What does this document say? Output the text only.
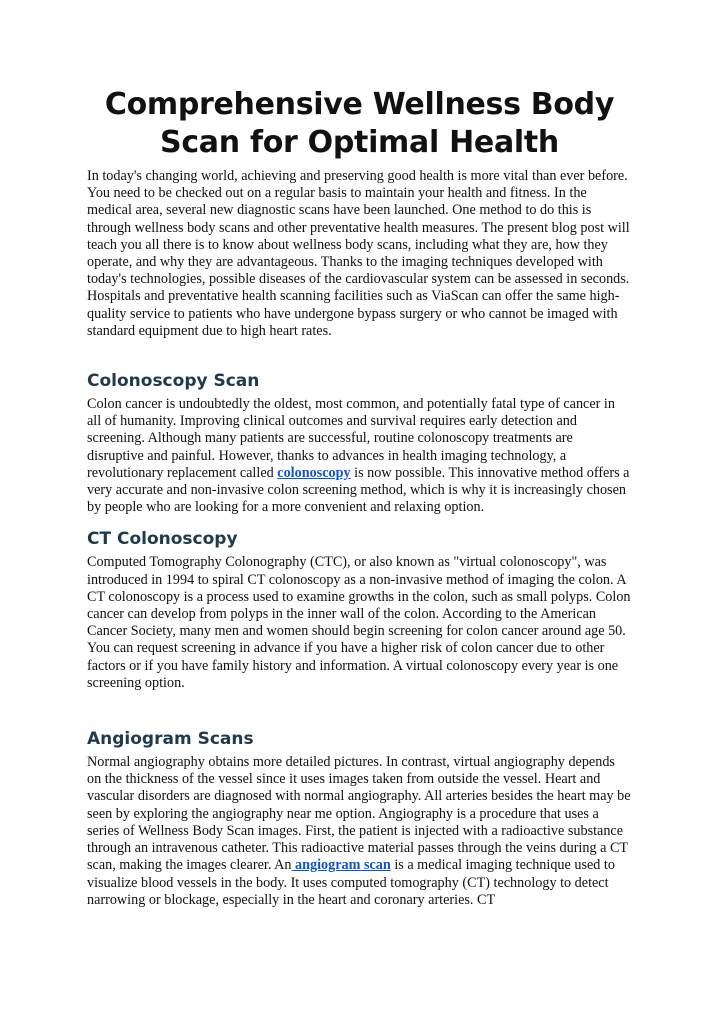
Comprehensive Wellness Body Scan for Optimal Health

In today's changing world, achieving and preserving good health is more vital than ever before. You need to be checked out on a regular basis to maintain your health and fitness. In the medical area, several new diagnostic scans have been launched. One method to do this is through wellness body scans and other preventative health measures. The present blog post will teach you all there is to know about wellness body scans, including what they are, how they operate, and why they are advantageous. Thanks to the imaging techniques developed with today's technologies, possible diseases of the cardiovascular system can be assessed in seconds. Hospitals and preventative health scanning facilities such as ViaScan can offer the same high-quality service to patients who have undergone bypass surgery or who cannot be imaged with standard equipment due to high heart rates.

Colonoscopy Scan

Colon cancer is undoubtedly the oldest, most common, and potentially fatal type of cancer in all of humanity. Improving clinical outcomes and survival requires early detection and screening. Although many patients are successful, routine colonoscopy treatments are disruptive and painful. However, thanks to advances in health imaging technology, a revolutionary replacement called colonoscopy is now possible. This innovative method offers a very accurate and non-invasive colon screening method, which is why it is increasingly chosen by people who are looking for a more convenient and relaxing option.

CT Colonoscopy

Computed Tomography Colonography (CTC), or also known as "virtual colonoscopy", was introduced in 1994 to spiral CT colonoscopy as a non-invasive method of imaging the colon. A CT colonoscopy is a process used to examine growths in the colon, such as small polyps. Colon cancer can develop from polyps in the inner wall of the colon. According to the American Cancer Society, many men and women should begin screening for colon cancer around age 50. You can request screening in advance if you have a higher risk of colon cancer due to other factors or if you have family history and information. A virtual colonoscopy every year is one screening option.

Angiogram Scans

Normal angiography obtains more detailed pictures. In contrast, virtual angiography depends on the thickness of the vessel since it uses images taken from outside the vessel. Heart and vascular disorders are diagnosed with normal angiography. All arteries besides the heart may be seen by exploring the angiography near me option. Angiography is a procedure that uses a series of Wellness Body Scan images. First, the patient is injected with a radioactive substance through an intravenous catheter. This radioactive material passes through the veins during a CT scan, making the images clearer. An angiogram scan is a medical imaging technique used to visualize blood vessels in the body. It uses computed tomography (CT) technology to detect narrowing or blockage, especially in the heart and coronary arteries. CT
